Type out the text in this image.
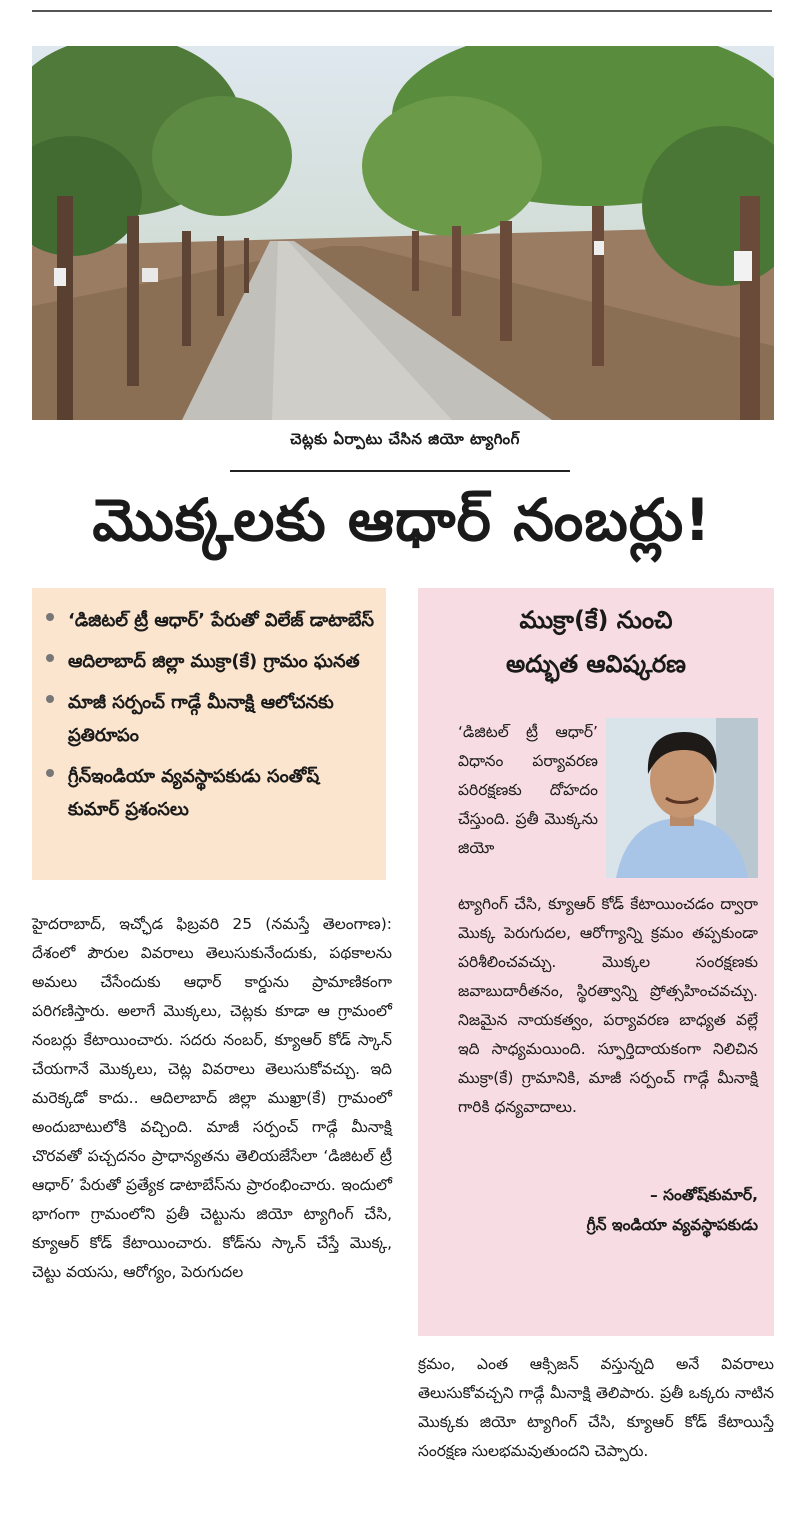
చెట్లకు ఏర్పాటు చేసిన జియో ట్యాగింగ్
మొక్కలకు ఆధార్ నంబర్లు!
‘డిజిటల్ ట్రీ ఆధార్’ పేరుతో విలేజ్ డాటాబేస్
ఆదిలాబాద్ జిల్లా ముక్రా(కే) గ్రామం ఘనత
మాజీ సర్పంచ్ గాడ్గే మీనాక్షి ఆలోచనకు ప్రతిరూపం
గ్రీన్ఇండియా వ్యవస్థాపకుడు సంతోష్ కుమార్ ప్రశంసలు
హైదరాబాద్, ఇచ్ఛోడ ఫిబ్రవరి 25 (నమస్తే తెలంగాణ): దేశంలో పౌరుల వివరాలు తెలుసుకునేందుకు, పథకాలను అమలు చేసేందుకు ఆధార్ కార్డును ప్రామాణికంగా పరిగణిస్తారు. అలాగే మొక్కలు, చెట్లకు కూడా ఆ గ్రామంలో నంబర్లు కేటాయించారు. సదరు నంబర్, క్యూఆర్ కోడ్ స్కాన్ చేయగానే మొక్కలు, చెట్ల వివరాలు తెలుసుకోవచ్చు. ఇది మరెక్కడో కాదు.. ఆదిలాబాద్ జిల్లా ముఖ్రా(కే) గ్రామంలో అందుబాటులోకి వచ్చింది. మాజీ సర్పంచ్ గాడ్గే మీనాక్షి చొరవతో పచ్చదనం ప్రాధాన్యతను తెలియజేసేలా ‘డిజిటల్ ట్రీ ఆధార్’ పేరుతో ప్రత్యేక డాటాబేస్‌ను ప్రారంభించారు. ఇందులో భాగంగా గ్రామంలోని ప్రతీ చెట్టును జియో ట్యాగింగ్ చేసి, క్యూఆర్ కోడ్ కేటాయించారు. కోడ్‌ను స్కాన్ చేస్తే మొక్క, చెట్టు వయసు, ఆరోగ్యం, పెరుగుదల
ముక్రా(కే) నుంచి
అద్భుత ఆవిష్కరణ
‘డిజిటల్ ట్రీ ఆధార్’ విధానం పర్యావరణ పరిరక్షణకు దోహదం చేస్తుంది. ప్రతీ మొక్కను జియో
ట్యాగింగ్ చేసి, క్యూఆర్ కోడ్ కేటాయించడం ద్వారా మొక్క పెరుగుదల, ఆరోగ్యాన్ని క్రమం తప్పకుండా పరిశీలించవచ్చు. మొక్కల సంరక్షణకు జవాబుదారీతనం, స్థిరత్వాన్ని ప్రోత్సహించవచ్చు. నిజమైన నాయకత్వం, పర్యావరణ బాధ్యత వల్లే ఇది సాధ్యమయింది. స్ఫూర్తిదాయకంగా నిలిచిన ముక్రా(కే) గ్రామానికి, మాజీ సర్పంచ్ గాడ్గే మీనాక్షి గారికి ధన్యవాదాలు.
– సంతోష్‌కుమార్,
గ్రీన్ ఇండియా వ్యవస్థాపకుడు
క్రమం, ఎంత ఆక్సిజన్ వస్తున్నది అనే వివరాలు తెలుసుకోవచ్చని గాడ్గే మీనాక్షి తెలిపారు. ప్రతీ ఒక్కరు నాటిన మొక్కకు జియో ట్యాగింగ్ చేసి, క్యూఆర్ కోడ్ కేటాయిస్తే సంరక్షణ సులభమవుతుందని చెప్పారు.
